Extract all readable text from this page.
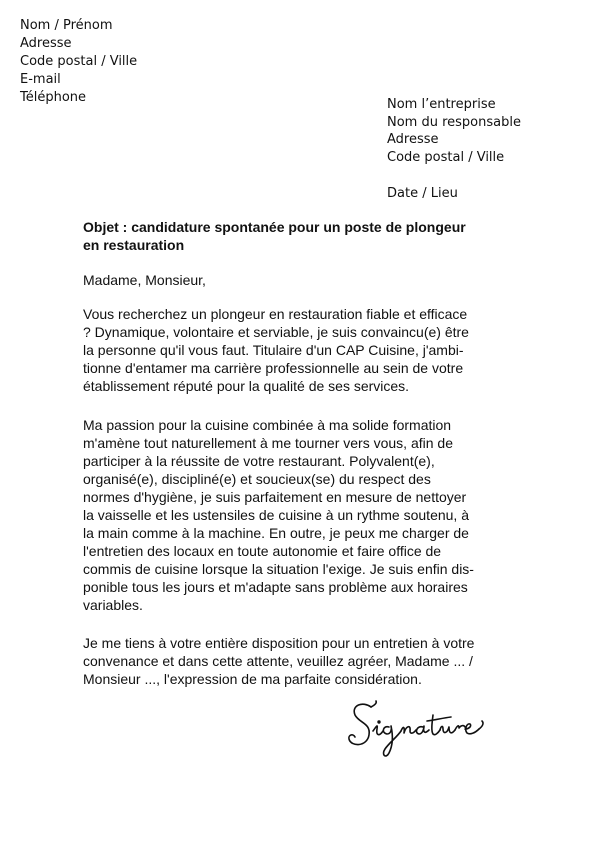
Nom / Prénom
Adresse
Code postal / Ville
E-mail
Téléphone	Nom l’entreprise
Nom du responsable
Adresse
Code postal / Ville
Date / Lieu
Objet : candidature spontanée pour un poste de plongeur
en restauration
Madame, Monsieur,
Vous recherchez un plongeur en restauration fiable et efficace
? Dynamique, volontaire et serviable, je suis convaincu(e) être
la personne qu'il vous faut. Titulaire d'un CAP Cuisine, j'ambi-
tionne d'entamer ma carrière professionnelle au sein de votre
établissement réputé pour la qualité de ses services.
Ma passion pour la cuisine combinée à ma solide formation
m'amène tout naturellement à me tourner vers vous, afin de
participer à la réussite de votre restaurant. Polyvalent(e),
organisé(e), discipliné(e) et soucieux(se) du respect des
normes d'hygiène, je suis parfaitement en mesure de nettoyer
la vaisselle et les ustensiles de cuisine à un rythme soutenu, à
la main comme à la machine. En outre, je peux me charger de
l'entretien des locaux en toute autonomie et faire office de
commis de cuisine lorsque la situation l'exige. Je suis enfin dis-
ponible tous les jours et m'adapte sans problème aux horaires
variables.
Je me tiens à votre entière disposition pour un entretien à votre
convenance et dans cette attente, veuillez agréer, Madame ... /
Monsieur ..., l'expression de ma parfaite considération.
